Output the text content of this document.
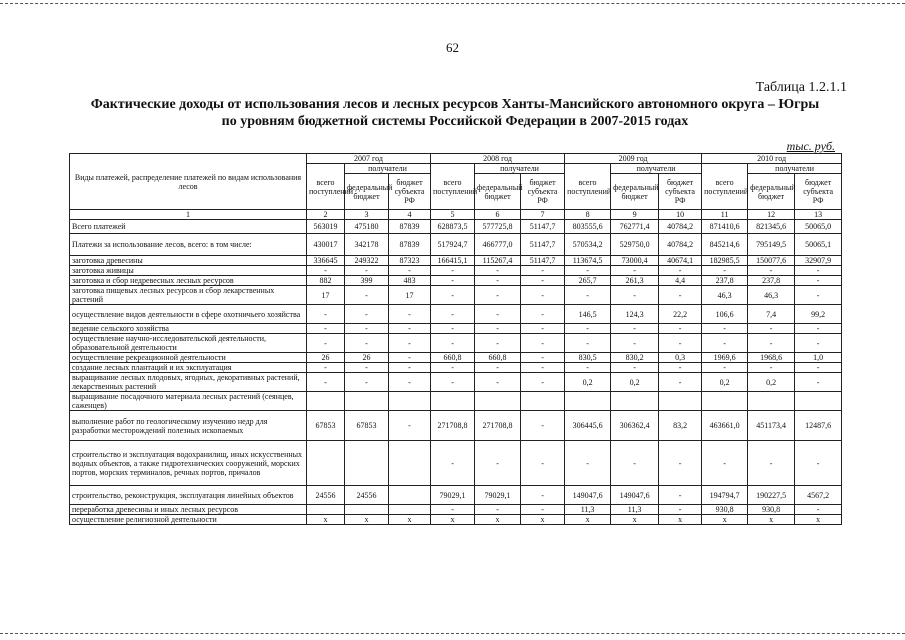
62
Таблица 1.2.1.1
Фактические доходы от использования лесов и лесных ресурсов Ханты-Мансийского автономного округа – Югры
по уровням бюджетной системы Российской Федерации в 2007-2015 годах
тыс. руб.
Виды платежей, распределение платежей по видам использования лесов	2007 год			2008 год			2009 год			2010 год		
	всего поступлений	получатели		всего поступлений	получатели		всего поступлений	получатели		всего поступлений	получатели	
		федеральный бюджет	бюджет субъекта РФ		федеральный бюджет	бюджет субъекта РФ		федеральный бюджет	бюджет субъекта РФ		федеральный бюджет	бюджет субъекта РФ
1	2	3	4	5	6	7	8	9	10	11	12	13
Всего платежей	563019	475180	87839	628873,5	577725,8	51147,7	803555,6	762771,4	40784,2	871410,6	821345,6	50065,0
Платежи за использование лесов, всего: в том числе:	430017	342178	87839	517924,7	466777,0	51147,7	570534,2	529750,0	40784,2	845214,6	795149,5	50065,1
заготовка древесины	336645	249322	87323	166415,1	115267,4	51147,7	113674,5	73000,4	40674,1	182985,5	150077,6	32907,9
заготовка живицы	-	-	-	-	-	-	-	-	-	-	-	-
заготовка и сбор недревесных лесных ресурсов	882	399	483	-	-	-	265,7	261,3	4,4	237,8	237,8	-
заготовка пищевых лесных ресурсов и сбор лекарственных растений	17	-	17	-	-	-	-	-	-	46,3	46,3	-
осуществление видов деятельности в сфере охотничьего хозяйства	-	-	-	-	-	-	146,5	124,3	22,2	106,6	7,4	99,2
ведение сельского хозяйства	-	-	-	-	-	-	-	-	-	-	-	-
осуществление научно-исследовательской деятельности, образовательной деятельности	-	-	-	-	-	-	-	-	-	-	-	-
осуществление рекреационной деятельности	26	26	-	660,8	660,8	-	830,5	830,2	0,3	1969,6	1968,6	1,0
создание лесных плантаций и их эксплуатация	-	-	-	-	-	-	-	-	-	-	-	-
выращивание лесных плодовых, ягодных, декоративных растений, лекарственных растений	-	-	-	-	-	-	0,2	0,2	-	0,2	0,2	-
выращивание посадочного материала лесных растений (сеянцев, саженцев)												
выполнение работ по геологическому изучению недр для разработки месторождений полезных ископаемых	67853	67853	-	271708,8	271708,8	-	306445,6	306362,4	83,2	463661,0	451173,4	12487,6
строительство и эксплуатация водохранилищ, иных искусственных водных объектов, а также гидротехнических сооружений, морских портов, морских терминалов, речных портов, причалов				-	-	-	-	-	-	-	-	-
строительство, реконструкция, эксплуатация линейных объектов	24556	24556		79029,1	79029,1	-	149047,6	149047,6	-	194794,7	190227,5	4567,2
переработка древесины и иных лесных ресурсов				-	-	-	11,3	11,3	-	930,8	930,8	-
осуществление религиозной деятельности	x	x	x	x	x	x	x	x	x	x	x	x
